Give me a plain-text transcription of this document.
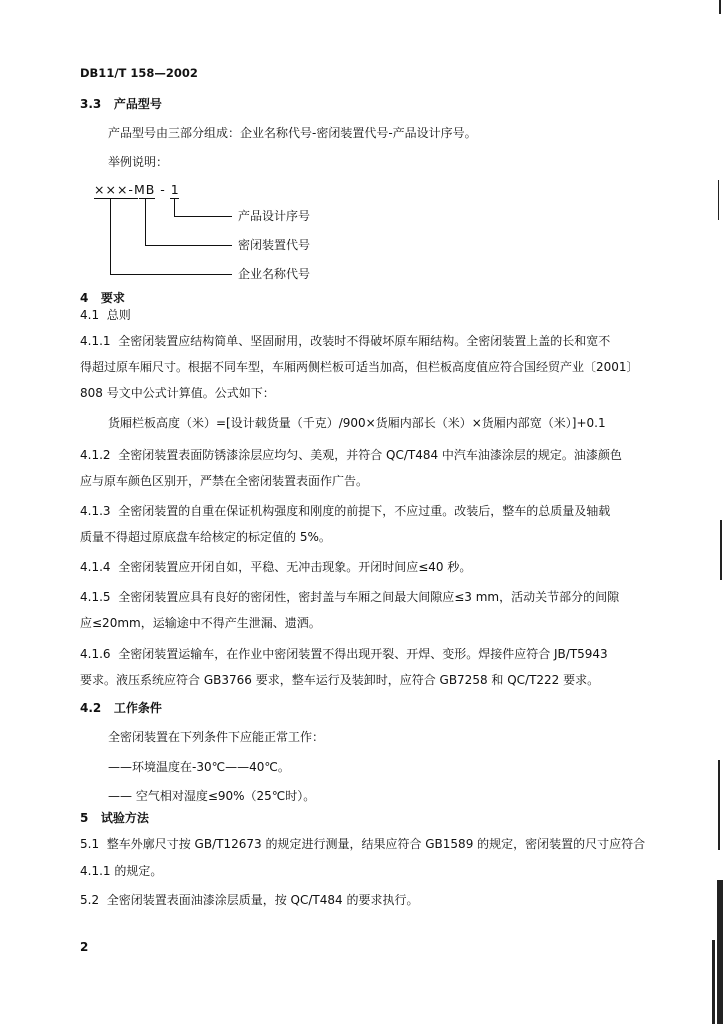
DB11/T 158—2002
3.3 产品型号
产品型号由三部分组成：企业名称代号-密闭装置代号-产品设计序号。
举例说明：
×××-MB - 1
产品设计序号
密闭装置代号
企业名称代号
4 要求
4.1 总则
4.1.1 全密闭装置应结构简单、坚固耐用，改装时不得破坏原车厢结构。全密闭装置上盖的长和宽不
得超过原车厢尺寸。根据不同车型，车厢两侧栏板可适当加高，但栏板高度值应符合国经贸产业〔2001〕
808 号文中公式计算值。公式如下：
货厢栏板高度（米）=[设计载货量（千克）/900×货厢内部长（米）×货厢内部宽（米）]+0.1
4.1.2 全密闭装置表面防锈漆涂层应均匀、美观，并符合 QC/T484 中汽车油漆涂层的规定。油漆颜色
应与原车颜色区别开，严禁在全密闭装置表面作广告。
4.1.3 全密闭装置的自重在保证机构强度和刚度的前提下，不应过重。改装后，整车的总质量及轴载
质量不得超过原底盘车给核定的标定值的 5%。
4.1.4 全密闭装置应开闭自如，平稳、无冲击现象。开闭时间应≤40 秒。
4.1.5 全密闭装置应具有良好的密闭性，密封盖与车厢之间最大间隙应≤3 mm，活动关节部分的间隙
应≤20mm，运输途中不得产生泄漏、遗洒。
4.1.6 全密闭装置运输车，在作业中密闭装置不得出现开裂、开焊、变形。焊接件应符合 JB/T5943
要求。液压系统应符合 GB3766 要求，整车运行及装卸时，应符合 GB7258 和 QC/T222 要求。
4.2 工作条件
全密闭装置在下列条件下应能正常工作：
——环境温度在-30℃——40℃。
—— 空气相对湿度≤90%（25℃时）。
5 试验方法
5.1 整车外廓尺寸按 GB/T12673 的规定进行测量，结果应符合 GB1589 的规定，密闭装置的尺寸应符合
4.1.1 的规定。
5.2 全密闭装置表面油漆涂层质量，按 QC/T484 的要求执行。
2
